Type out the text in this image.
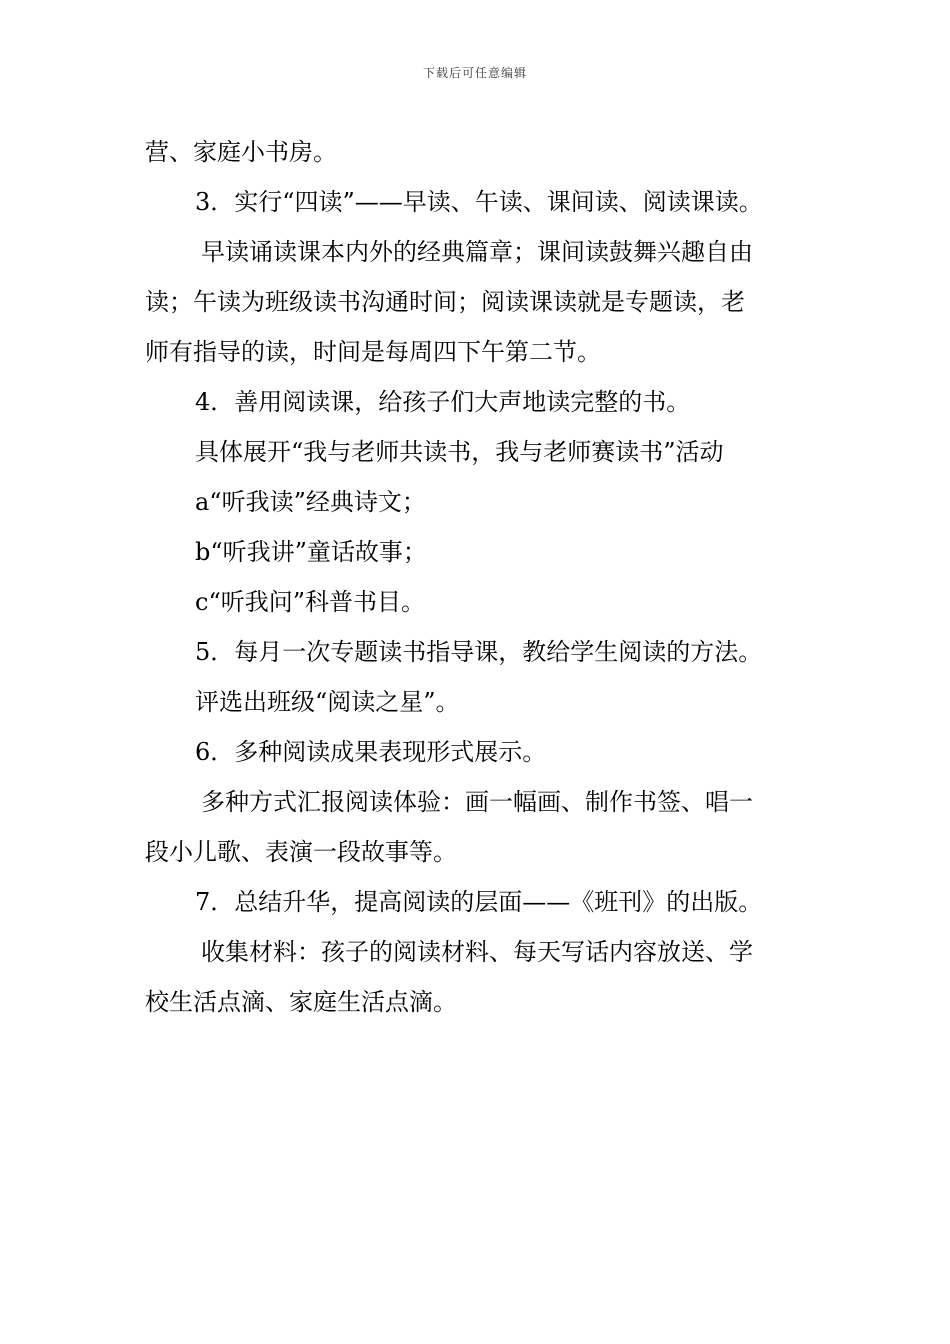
下载后可任意编辑
营、家庭小书房。
3．实行“四读”——早读、午读、课间读、阅读课读。
早读诵读课本内外的经典篇章；课间读鼓舞兴趣自由
读；午读为班级读书沟通时间；阅读课读就是专题读，老
师有指导的读，时间是每周四下午第二节。
4．善用阅读课，给孩子们大声地读完整的书。
具体展开“我与老师共读书，我与老师赛读书”活动
a“听我读”经典诗文；
b“听我讲”童话故事；
c“听我问”科普书目。
5．每月一次专题读书指导课，教给学生阅读的方法。
评选出班级“阅读之星”。
6．多种阅读成果表现形式展示。
多种方式汇报阅读体验：画一幅画、制作书签、唱一
段小儿歌、表演一段故事等。
7．总结升华，提高阅读的层面——《班刊》的出版。
收集材料：孩子的阅读材料、每天写话内容放送、学
校生活点滴、家庭生活点滴。
